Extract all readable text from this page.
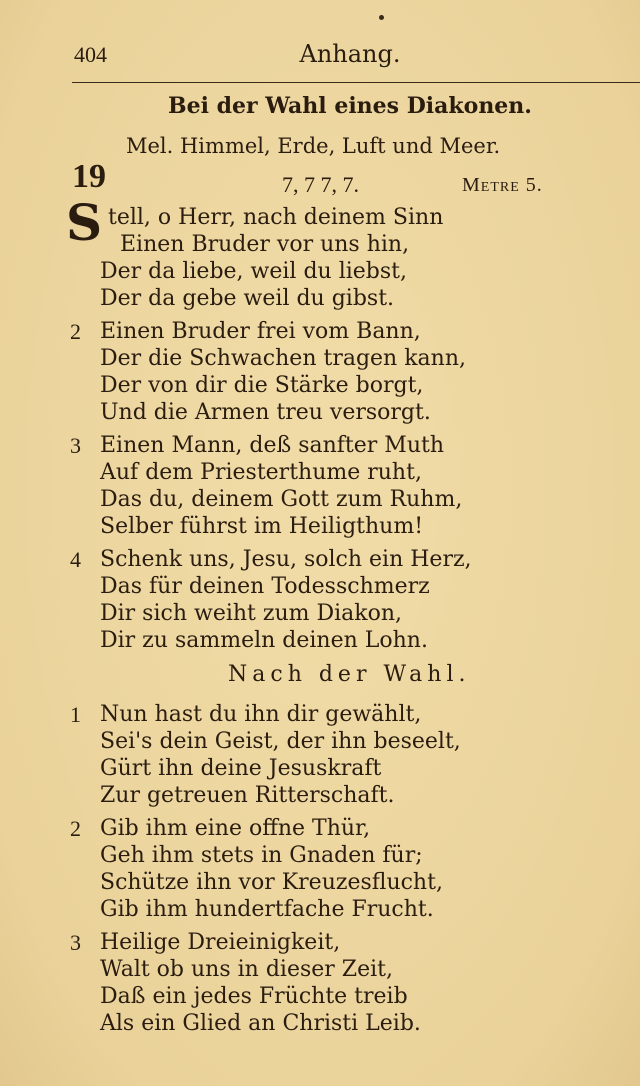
404	Anhang.
Bei der Wahl eines Diakonen.
Mel. Himmel, Erde, Luft und Meer.
19	7, 7 7, 7.	Metre 5.
S tell, o Herr, nach deinem Sinn
Einen Bruder vor uns hin,
Der da liebe, weil du liebst,
Der da gebe weil du gibst.
2 Einen Bruder frei vom Bann,
Der die Schwachen tragen kann,
Der von dir die Stärke borgt,
Und die Armen treu versorgt.
3 Einen Mann, deß sanfter Muth
Auf dem Priesterthume ruht,
Das du, deinem Gott zum Ruhm,
Selber führst im Heiligthum!
4 Schenk uns, Jesu, solch ein Herz,
Das für deinen Todesschmerz
Dir sich weiht zum Diakon,
Dir zu sammeln deinen Lohn.
Nach der Wahl.
1 Nun hast du ihn dir gewählt,
Sei's dein Geist, der ihn beseelt,
Gürt ihn deine Jesuskraft
Zur getreuen Ritterschaft.
2 Gib ihm eine offne Thür,
Geh ihm stets in Gnaden für;
Schütze ihn vor Kreuzesflucht,
Gib ihm hundertfache Frucht.
3 Heilige Dreieinigkeit,
Walt ob uns in dieser Zeit,
Daß ein jedes Früchte treib
Als ein Glied an Christi Leib.
